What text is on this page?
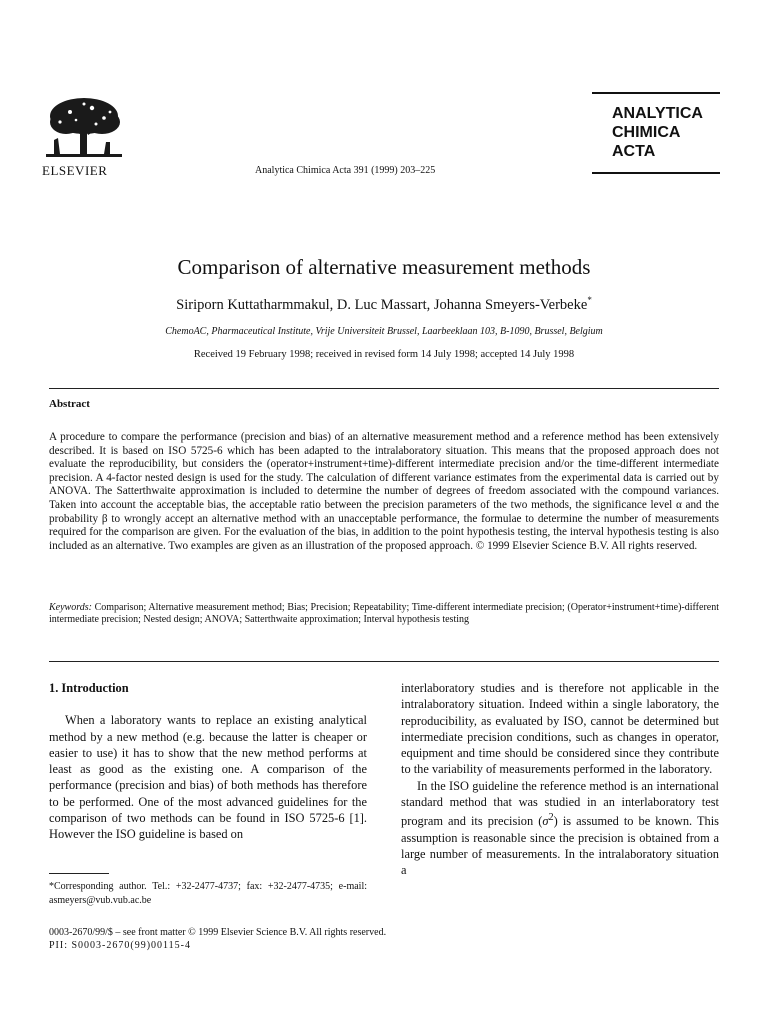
ELSEVIER	Analytica Chimica Acta 391 (1999) 203–225
ANALYTICA
CHIMICA
ACTA
Comparison of alternative measurement methods
Siriporn Kuttatharmmakul, D. Luc Massart, Johanna Smeyers-Verbeke*
ChemoAC, Pharmaceutical Institute, Vrije Universiteit Brussel, Laarbeeklaan 103, B-1090, Brussel, Belgium
Received 19 February 1998; received in revised form 14 July 1998; accepted 14 July 1998
Abstract
A procedure to compare the performance (precision and bias) of an alternative measurement method and a reference method has been extensively described. It is based on ISO 5725-6 which has been adapted to the intralaboratory situation. This means that the proposed approach does not evaluate the reproducibility, but considers the (operator+instrument+time)-different intermediate precision and/or the time-different intermediate precision. A 4-factor nested design is used for the study. The calculation of different variance estimates from the experimental data is carried out by ANOVA. The Satterthwaite approximation is included to determine the number of degrees of freedom associated with the compound variances. Taken into account the acceptable bias, the acceptable ratio between the precision parameters of the two methods, the significance level α and the probability β to wrongly accept an alternative method with an unacceptable performance, the formulae to determine the number of measurements required for the comparison are given. For the evaluation of the bias, in addition to the point hypothesis testing, the interval hypothesis testing is also included as an alternative. Two examples are given as an illustration of the proposed approach. © 1999 Elsevier Science B.V. All rights reserved.
Keywords: Comparison; Alternative measurement method; Bias; Precision; Repeatability; Time-different intermediate precision; (Operator+instrument+time)-different intermediate precision; Nested design; ANOVA; Satterthwaite approximation; Interval hypothesis testing

1. Introduction

When a laboratory wants to replace an existing analytical method by a new method (e.g. because the latter is cheaper or easier to use) it has to show that the new method performs at least as good as the existing one. A comparison of the performance (precision and bias) of both methods has therefore to be performed. One of the most advanced guidelines for the comparison of two methods can be found in ISO 5725-6 [1]. However the ISO guideline is based on

interlaboratory studies and is therefore not applicable in the intralaboratory situation. Indeed within a single laboratory, the reproducibility, as evaluated by ISO, cannot be determined but intermediate precision conditions, such as changes in operator, equipment and time should be considered since they contribute to the variability of measurements performed in the laboratory.

In the ISO guideline the reference method is an international standard method that was studied in an interlaboratory test program and its precision $(\sigma^2)$ is assumed to be known. This assumption is reasonable since the precision is obtained from a large number of measurements. In the intralaboratory situation a

*Corresponding author. Tel.: +32-2477-4737; fax: +32-2477-4735; e-mail: asmeyers@vub.vub.ac.be
0003-2670/99/$ – see front matter © 1999 Elsevier Science B.V. All rights reserved.
PII: S0003-2670(99)00115-4
